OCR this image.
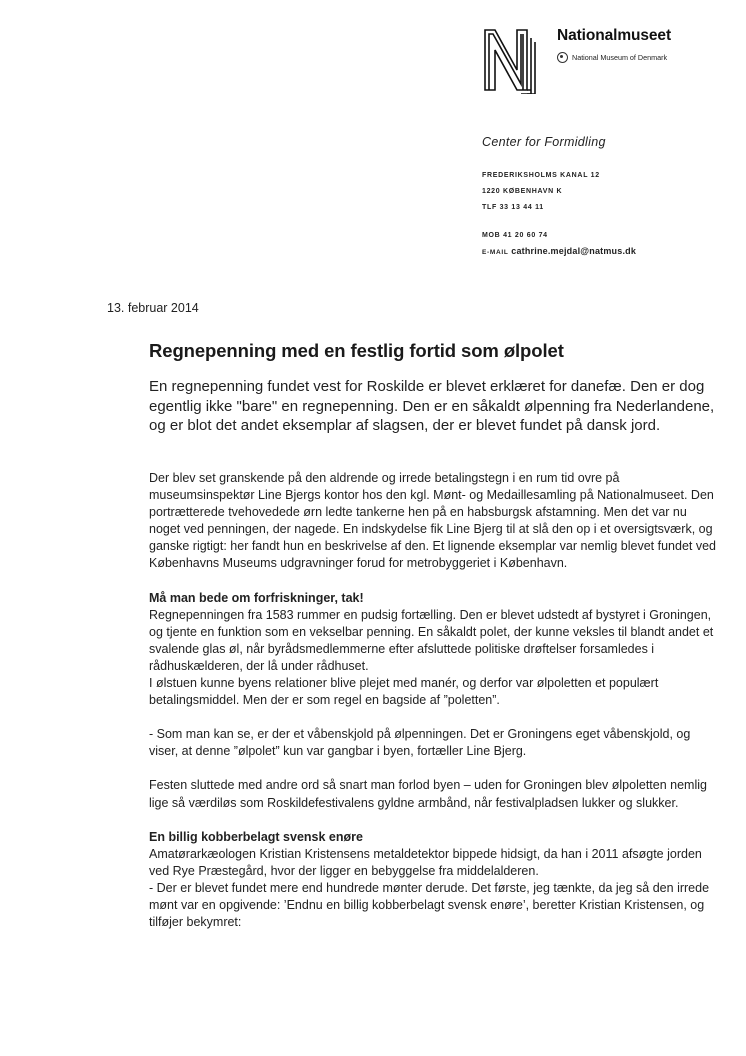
Nationalmuseet
National Museum of Denmark
Center for Formidling
FREDERIKSHOLMS KANAL 12
1220 KØBENHAVN K
TLF 33 13 44 11
MOB 41 20 60 74
E-MAIL cathrine.mejdal@natmus.dk
13. februar 2014
Regnepenning med en festlig fortid som ølpolet

En regnepenning fundet vest for Roskilde er blevet erklæret for danefæ. Den er dog egentlig ikke "bare" en regnepenning. Den er en såkaldt ølpenning fra Nederlandene, og er blot det andet eksemplar af slagsen, der er blevet fundet på dansk jord.

Der blev set granskende på den aldrende og irrede betalingstegn i en rum tid ovre på museumsinspektør Line Bjergs kontor hos den kgl. Mønt- og Medaillesamling på Nationalmuseet. Den portrætterede tvehovedede ørn ledte tankerne hen på en habsburgsk afstamning. Men det var nu noget ved penningen, der nagede. En indskydelse fik Line Bjerg til at slå den op i et oversigtsværk, og ganske rigtigt: her fandt hun en beskrivelse af den. Et lignende eksemplar var nemlig blevet fundet ved Københavns Museums udgravninger forud for metrobyggeriet i København.

Må man bede om forfriskninger, tak!

Regnepenningen fra 1583 rummer en pudsig fortælling. Den er blevet udstedt af bystyret i Groningen, og tjente en funktion som en vekselbar penning. En såkaldt polet, der kunne veksles til blandt andet et svalende glas øl, når byrådsmedlemmerne efter afsluttede politiske drøftelser forsamledes i rådhuskælderen, der lå under rådhuset.

I ølstuen kunne byens relationer blive plejet med manér, og derfor var ølpoletten et populært betalingsmiddel. Men der er som regel en bagside af ”poletten”.

- Som man kan se, er der et våbenskjold på ølpenningen. Det er Groningens eget våbenskjold, og viser, at denne ”ølpolet” kun var gangbar i byen, fortæller Line Bjerg.

Festen sluttede med andre ord så snart man forlod byen – uden for Groningen blev ølpoletten nemlig lige så værdiløs som Roskildefestivalens gyldne armbånd, når festivalpladsen lukker og slukker.

En billig kobberbelagt svensk enøre

Amatørarkæologen Kristian Kristensens metaldetektor bippede hidsigt, da han i 2011 afsøgte jorden ved Rye Præstegård, hvor der ligger en bebyggelse fra middelalderen.

- Der er blevet fundet mere end hundrede mønter derude. Det første, jeg tænkte, da jeg så den irrede mønt var en opgivende: ’Endnu en billig kobberbelagt svensk enøre’, beretter Kristian Kristensen, og tilføjer bekymret:
